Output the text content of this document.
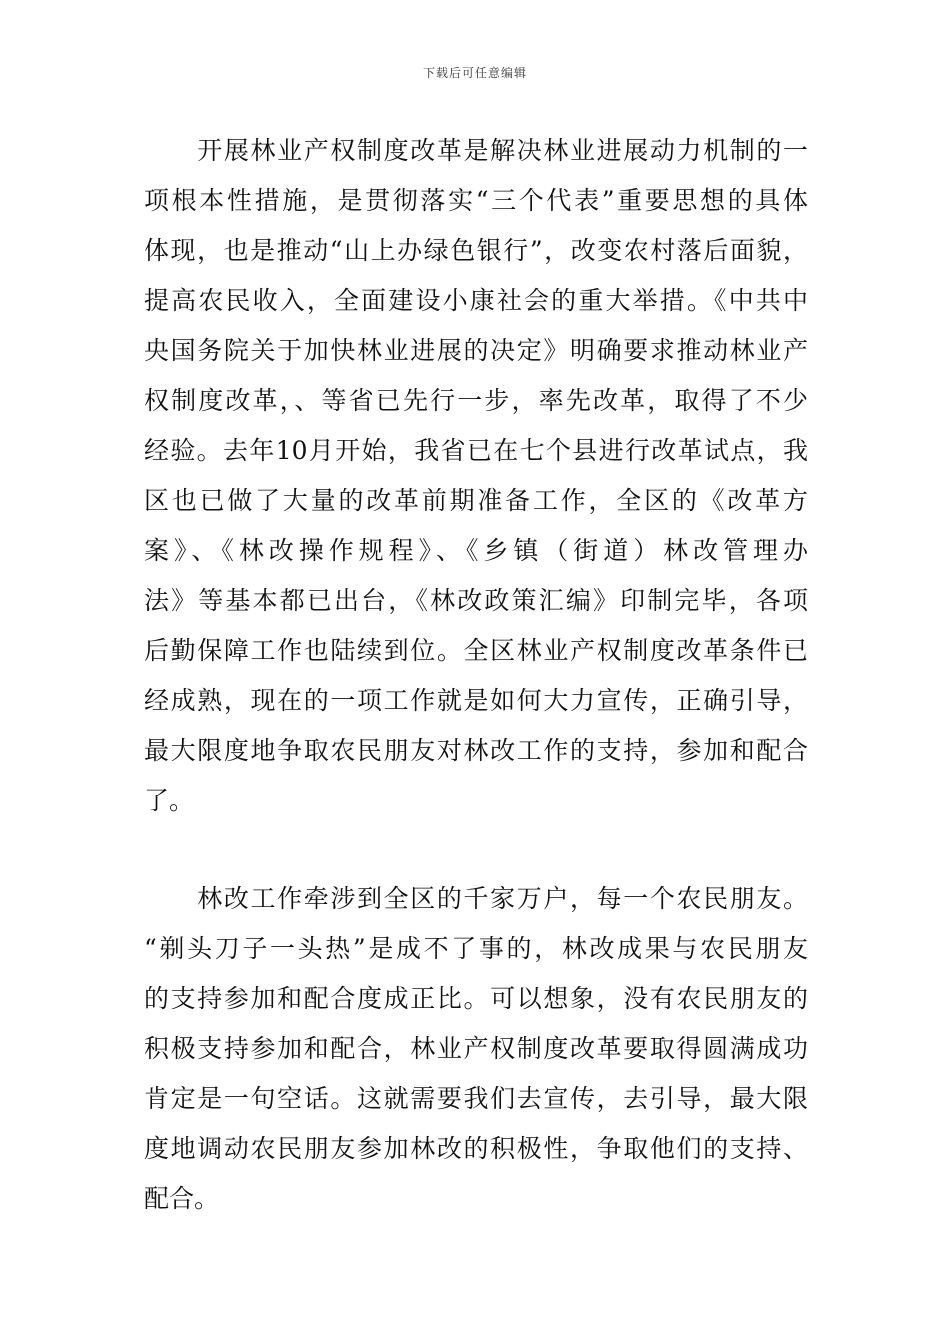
下载后可任意编辑
　　开展林业产权制度改革是解决林业进展动力机制的一
项根本性措施，是贯彻落实“三个代表”重要思想的具体
体现，也是推动“山上办绿色银行”，改变农村落后面貌，
提高农民收入，全面建设小康社会的重大举措。《中共中
央国务院关于加快林业进展的决定》明确要求推动林业产
权制度改革，、等省已先行一步，率先改革，取得了不少
经验。去年10月开始，我省已在七个县进行改革试点，我
区也已做了大量的改革前期准备工作，全区的《改革方
案》、《林改操作规程》、《乡镇（街道）林改管理办
法》等基本都已出台，《林改政策汇编》印制完毕，各项
后勤保障工作也陆续到位。全区林业产权制度改革条件已
经成熟，现在的一项工作就是如何大力宣传，正确引导，
最大限度地争取农民朋友对林改工作的支持，参加和配合
了。
　　林改工作牵涉到全区的千家万户，每一个农民朋友。
“剃头刀子一头热”是成不了事的，林改成果与农民朋友
的支持参加和配合度成正比。可以想象，没有农民朋友的
积极支持参加和配合，林业产权制度改革要取得圆满成功
肯定是一句空话。这就需要我们去宣传，去引导，最大限
度地调动农民朋友参加林改的积极性，争取他们的支持、
配合。
